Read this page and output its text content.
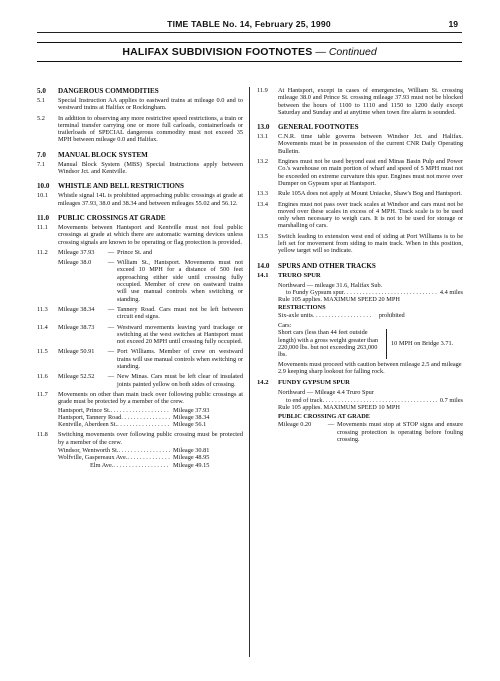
TIME TABLE No. 14, February 25, 1990	19
HALIFAX SUBDIVISION FOOTNOTES — Continued
5.0	DANGEROUS COMMODITIES
5.1	Special Instruction AA applies to eastward trains at mileage 0.0 and to westward trains at Halifax or Rockingham.
5.2	In addition to observing any more restrictive speed restrictions, a train or terminal transfer carrying one or more full carloads, containerloads or trailerloads of SPECIAL dangerous commodity must not exceed 35 MPH between mileage 0.0 and Halifax.
7.0	MANUAL BLOCK SYSTEM
7.1	Manual Block System (MBS) Special Instructions apply between Windsor Jct. and Kentville.
10.0	WHISTLE AND BELL RESTRICTIONS
10.1	Whistle signal 14L is prohibited approaching public crossings at grade at mileages 37.93, 38.0 and 38.34 and between mileages 55.02 and 56.12.
11.0	PUBLIC CROSSINGS AT GRADE
11.1	Movements between Hantsport and Kentville must not foul public crossings at grade at which there are automatic warning devices unless crossing signals are known to be operating or flag protection is provided.
11.2	Mileage 37.93	— Prince St. and
Mileage 38.0	— William St., Hantsport. Movements must not exceed 10 MPH for a distance of 500 feet approaching either side until crossing fully occupied. Member of crew on eastward trains will use manual controls when switching or standing.
11.3	Mileage 38.34	— Tannery Road. Cars must not be left between circuit end signs.
11.4	Mileage 38.73	— Westward movements leaving yard trackage or switching at the west switches at Hantsport must not exceed 20 MPH until crossing fully occupied.
11.5	Mileage 50.91	— Port Williams. Member of crew on westward trains will use manual controls when switching or standing.
11.6	Mileage 52.52	— New Minas. Cars must be left clear of insulated joints painted yellow on both sides of crossing.
11.7	Movements on other than main track over following public crossings at grade must be protected by a member of the crew.
Hantsport, Prince St. . . .	Mileage 37.93
Hantsport, Tannery Road . . .	Mileage 38.34
Kentville, Aberdeen St. . . .	Mileage 56.1
11.8	Switching movements over following public crossing must be protected by a member of the crew.
Windsor, Wentworth St. . . .	Mileage 30.81
Wolfville, Gaspereaux Ave. . . .	Mileage 48.95
Elm Ave. . . .	Mileage 49.15
11.9	At Hantsport, except in cases of emergencies, William St. crossing mileage 38.0 and Prince St. crossing mileage 37.93 must not be blocked between the hours of 1100 to 1110 and 1150 to 1200 daily except Saturday and Sunday and at anytime when town fire alarm is sounded.
13.0	GENERAL FOOTNOTES
13.1	C.N.R. time table governs between Windsor Jct. and Halifax. Movements must be in possession of the current CNR Daily Operating Bulletin.
13.2	Engines must not be used beyond east end Minas Basin Pulp and Power Co.'s warehouse on main portion of wharf and speed of 5 MPH must not be exceeded on extreme curvature this spur. Engines must not move over Dumper on Gypsum spur at Hantsport.
13.3	Rule 105A does not apply at Mount Uniacke, Shaw's Bog and Hantsport.
13.4	Engines must not pass over track scales at Windsor and cars must not be moved over these scales in excess of 4 MPH. Track scale is to be used only when necessary to weigh cars. It is not to be used for storage or marshalling of cars.
13.5	Switch leading to extension west end of siding at Port Williams is to be left set for movement from siding to main track. When in this position, yellow target will so indicate.
14.0	SPURS AND OTHER TRACKS
14.1	TRURO SPUR
Northward — mileage 31.6, Halifax Sub.
to Fundy Gypsum spur . . .	4.4 miles
Rule 105 applies. MAXIMUM SPEED 20 MPH
RESTRICTIONS
Six-axle units . . .	prohibited
Cars:
Short cars (less than 44 feet outside length) with a gross weight greater than 220,000 lbs. but not exceeding 263,000 lbs.
10 MPH on Bridge 3.71.
Movements must proceed with caution between mileage 2.5 and mileage 2.9 keeping sharp lookout for falling rock.
14.2	FUNDY GYPSUM SPUR
Northward — Mileage 4.4 Truro Spur
to end of track . . .	0.7 miles
Rule 105 applies. MAXIMUM SPEED 10 MPH
PUBLIC CROSSING AT GRADE
Mileage 0.20	— Movements must stop at STOP signs and ensure crossing protection is operating before fouling crossing.
